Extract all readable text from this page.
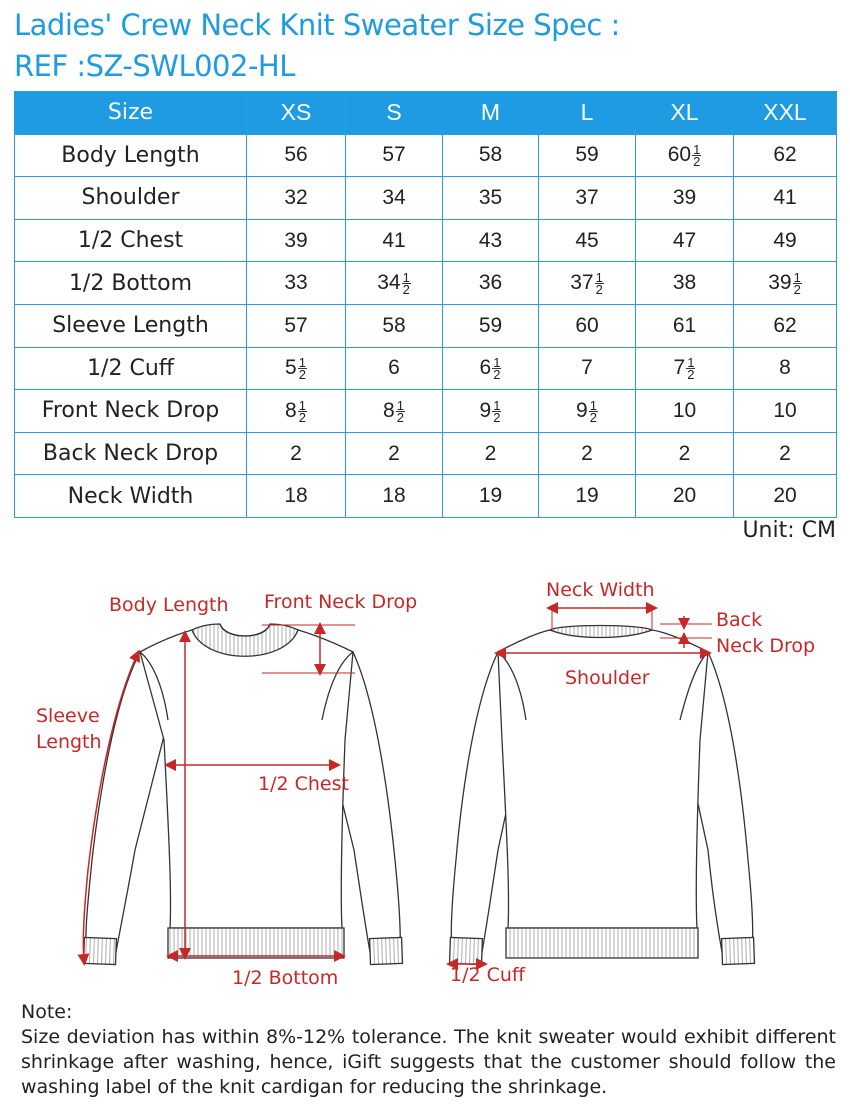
Ladies' Crew Neck Knit Sweater Size Spec :
REF :SZ-SWL002-HL
Size	XS	S	M	L	XL	XXL
Body Length	56	57	58	59	$60 \frac{1}{2}$	62
Shoulder	32	34	35	37	39	41
1/2 Chest	39	41	43	45	47	49
1/2 Bottom	33	$34 \frac{1}{2}$	36	$37 \frac{1}{2}$	38	$39 \frac{1}{2}$

Sleeve Length	57	58	59	60	61	62
1/2 Cuff	$5 \frac{1}{2}$	6	$6 \frac{1}{2}$	7	$7 \frac{1}{2}$	8
Front Neck Drop	$8 \frac{1}{2}$	$8 \frac{1}{2}$	$9 \frac{1}{2}$	$9 \frac{1}{2}$	10	10
Back Neck Drop	2	2	2	2	2	2
Neck Width	18	18	19	19	20	20
Unit: CM
Body Length Front Neck Drop
Sleeve
Length
1/2 Chest
1/2 Bottom
Neck Width
Back
Neck Drop
Shoulder
1/2 Cuff
Note:
Size deviation has within 8%-12% tolerance. The knit sweater would exhibit different shrinkage after washing, hence, iGift suggests that the customer should follow the washing label of the knit cardigan for reducing the shrinkage.
